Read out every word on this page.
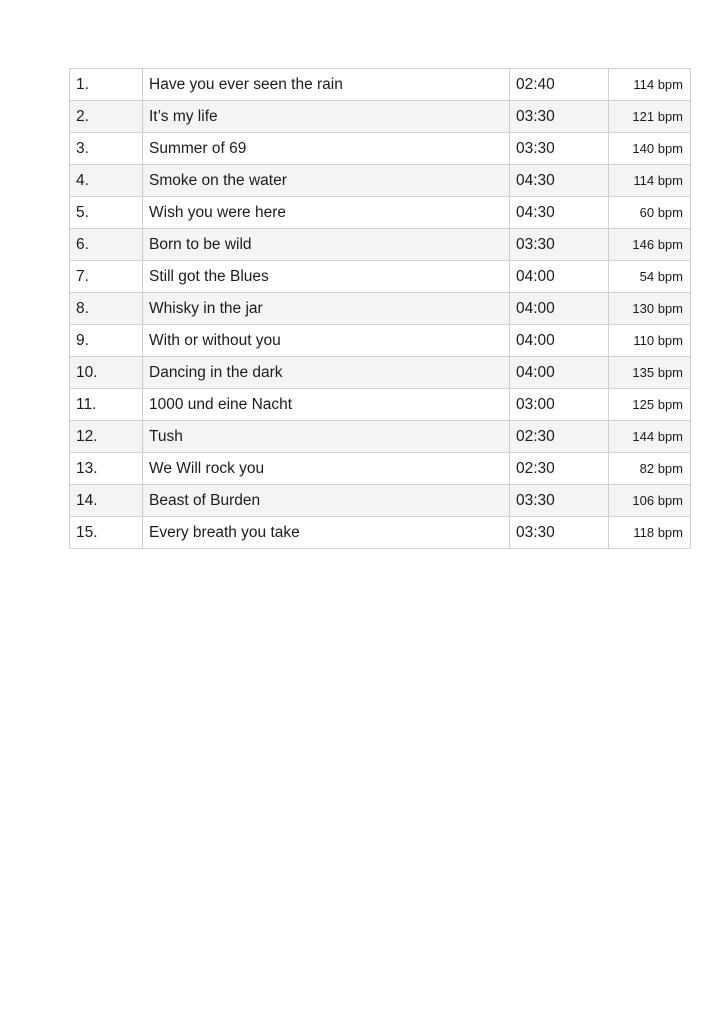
1.	Have you ever seen the rain	02:40	114 bpm
2.	It’s my life	03:30	121 bpm
3.	Summer of 69	03:30	140 bpm
4.	Smoke on the water	04:30	114 bpm
5.	Wish you were here	04:30	60 bpm
6.	Born to be wild	03:30	146 bpm
7.	Still got the Blues	04:00	54 bpm
8.	Whisky in the jar	04:00	130 bpm
9.	With or without you	04:00	110 bpm
10.	Dancing in the dark	04:00	135 bpm
11.	1000 und eine Nacht	03:00	125 bpm
12.	Tush	02:30	144 bpm
13.	We Will rock you	02:30	82 bpm
14.	Beast of Burden	03:30	106 bpm
15.	Every breath you take	03:30	118 bpm
